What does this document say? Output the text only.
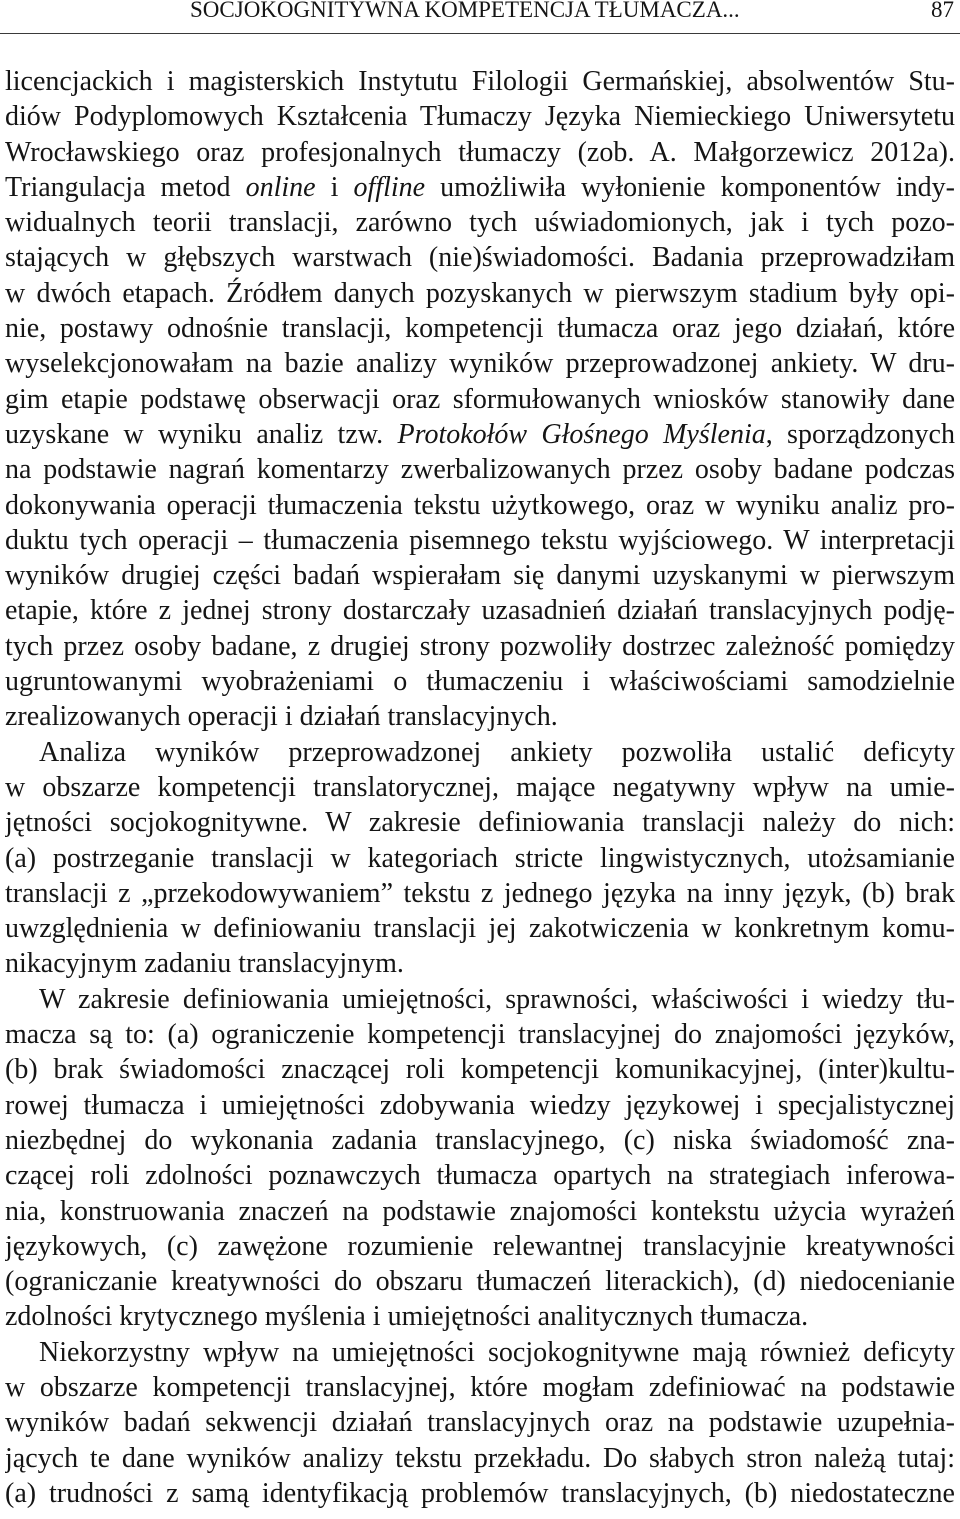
SOCJOKOGNITYWNA KOMPETENCJA TŁUMACZA...	87
licencjackich i magisterskich Instytutu Filologii Germańskiej, absolwentów Stu-
diów Podyplomowych Kształcenia Tłumaczy Języka Niemieckiego Uniwersytetu
Wrocławskiego oraz profesjonalnych tłumaczy (zob. A. Małgorzewicz 2012a).
Triangulacja metod online i offline umożliwiła wyłonienie komponentów indy-
widualnych teorii translacji, zarówno tych uświadomionych, jak i tych pozo-
stających w głębszych warstwach (nie)świadomości. Badania przeprowadziłam
w dwóch etapach. Źródłem danych pozyskanych w pierwszym stadium były opi-
nie, postawy odnośnie translacji, kompetencji tłumacza oraz jego działań, które
wyselekcjonowałam na bazie analizy wyników przeprowadzonej ankiety. W dru-
gim etapie podstawę obserwacji oraz sformułowanych wniosków stanowiły dane
uzyskane w wyniku analiz tzw. Protokołów Głośnego Myślenia, sporządzonych
na podstawie nagrań komentarzy zwerbalizowanych przez osoby badane podczas
dokonywania operacji tłumaczenia tekstu użytkowego, oraz w wyniku analiz pro-
duktu tych operacji – tłumaczenia pisemnego tekstu wyjściowego. W interpretacji
wyników drugiej części badań wspierałam się danymi uzyskanymi w pierwszym
etapie, które z jednej strony dostarczały uzasadnień działań translacyjnych podję-
tych przez osoby badane, z drugiej strony pozwoliły dostrzec zależność pomiędzy
ugruntowanymi wyobrażeniami o tłumaczeniu i właściwościami samodzielnie
zrealizowanych operacji i działań translacyjnych.
Analiza wyników przeprowadzonej ankiety pozwoliła ustalić deficyty
w obszarze kompetencji translatorycznej, mające negatywny wpływ na umie-
jętności socjokognitywne. W zakresie definiowania translacji należy do nich:
(a) postrzeganie translacji w kategoriach stricte lingwistycznych, utożsamianie
translacji z „przekodowywaniem” tekstu z jednego języka na inny język, (b) brak
uwzględnienia w definiowaniu translacji jej zakotwiczenia w konkretnym komu-
nikacyjnym zadaniu translacyjnym.
W zakresie definiowania umiejętności, sprawności, właściwości i wiedzy tłu-
macza są to: (a) ograniczenie kompetencji translacyjnej do znajomości języków,
(b) brak świadomości znaczącej roli kompetencji komunikacyjnej, (inter)kultu-
rowej tłumacza i umiejętności zdobywania wiedzy językowej i specjalistycznej
niezbędnej do wykonania zadania translacyjnego, (c) niska świadomość zna-
czącej roli zdolności poznawczych tłumacza opartych na strategiach inferowa-
nia, konstruowania znaczeń na podstawie znajomości kontekstu użycia wyrażeń
językowych, (c) zawężone rozumienie relewantnej translacyjnie kreatywności
(ograniczanie kreatywności do obszaru tłumaczeń literackich), (d) niedocenianie
zdolności krytycznego myślenia i umiejętności analitycznych tłumacza.
Niekorzystny wpływ na umiejętności socjokognitywne mają również deficyty
w obszarze kompetencji translacyjnej, które mogłam zdefiniować na podstawie
wyników badań sekwencji działań translacyjnych oraz na podstawie uzupełnia-
jących te dane wyników analizy tekstu przekładu. Do słabych stron należą tutaj:
(a) trudności z samą identyfikacją problemów translacyjnych, (b) niedostateczne
